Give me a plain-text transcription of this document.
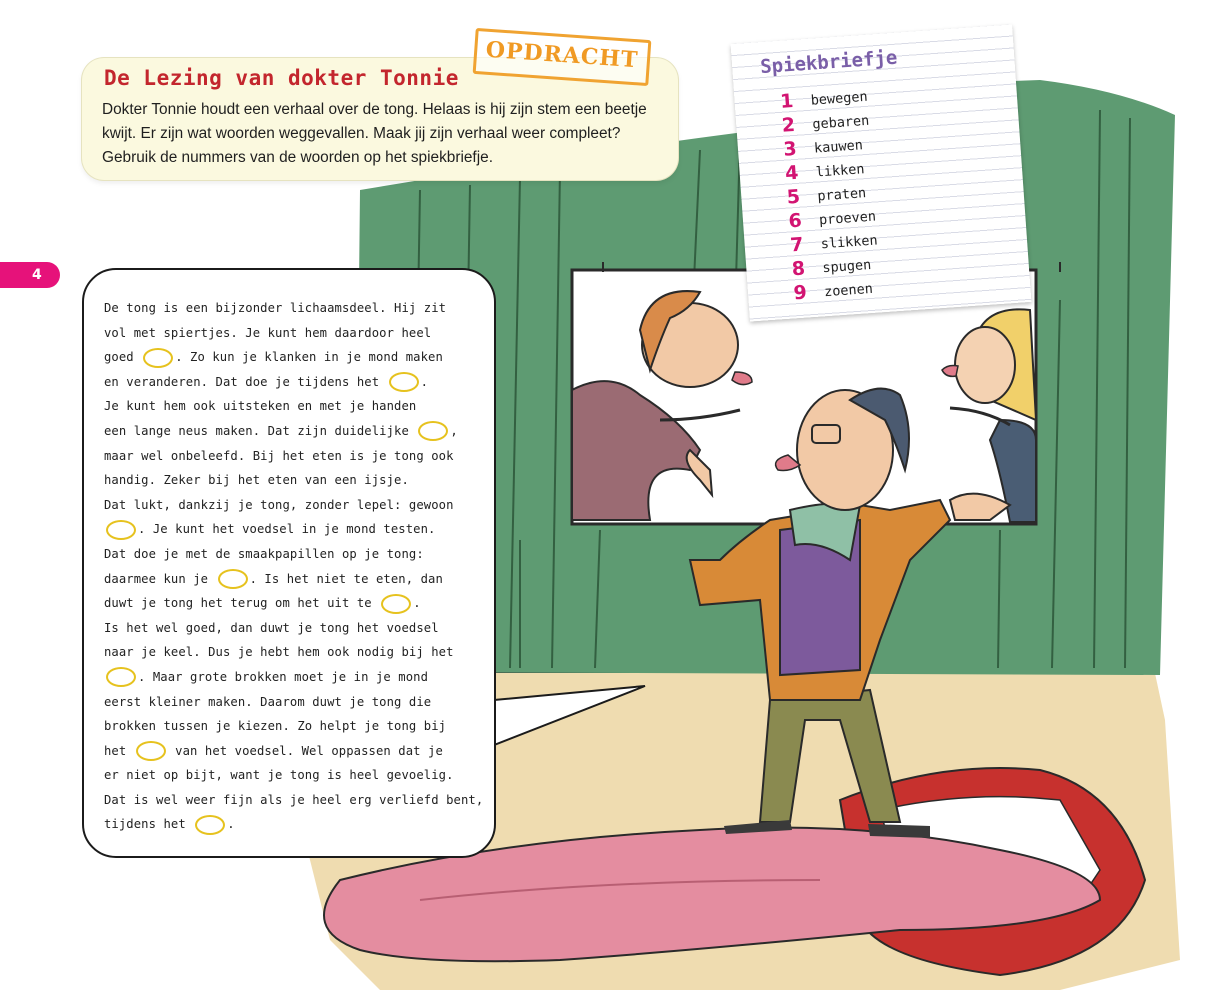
De Lezing van dokter Tonnie
Dokter Tonnie houdt een verhaal over de tong. Helaas is hij zijn stem een beetje kwijt. Er zijn wat woorden weggevallen. Maak jij zijn verhaal weer compleet? Gebruik de nummers van de woorden op het spiekbriefje.
OPDRACHT
4
De tong is een bijzonder lichaamsdeel. Hij zit
vol met spiertjes. Je kunt hem daardoor heel
goed	. Zo kun je klanken in je mond maken
en veranderen. Dat doe je tijdens het	.
Je kunt hem ook uitsteken en met je handen
een lange neus maken. Dat zijn duidelijke	,
maar wel onbeleefd. Bij het eten is je tong ook
handig. Zeker bij het eten van een ijsje.
Dat lukt, dankzij je tong, zonder lepel: gewoon
. Je kunt het voedsel in je mond testen.
Dat doe je met de smaakpapillen op je tong:
daarmee kun je	. Is het niet te eten, dan
duwt je tong het terug om het uit te	.
Is het wel goed, dan duwt je tong het voedsel
naar je keel. Dus je hebt hem ook nodig bij het
. Maar grote brokken moet je in je mond
eerst kleiner maken. Daarom duwt je tong die
brokken tussen je kiezen. Zo helpt je tong bij
het	van het voedsel. Wel oppassen dat je
er niet op bijt, want je tong is heel gevoelig.
Dat is wel weer fijn als je heel erg verliefd bent,
tijdens het	.
Spiekbriefje
1	bewegen
2	gebaren
3	kauwen
4	likken
5	praten
6	proeven
7	slikken
8	spugen
9	zoenen
